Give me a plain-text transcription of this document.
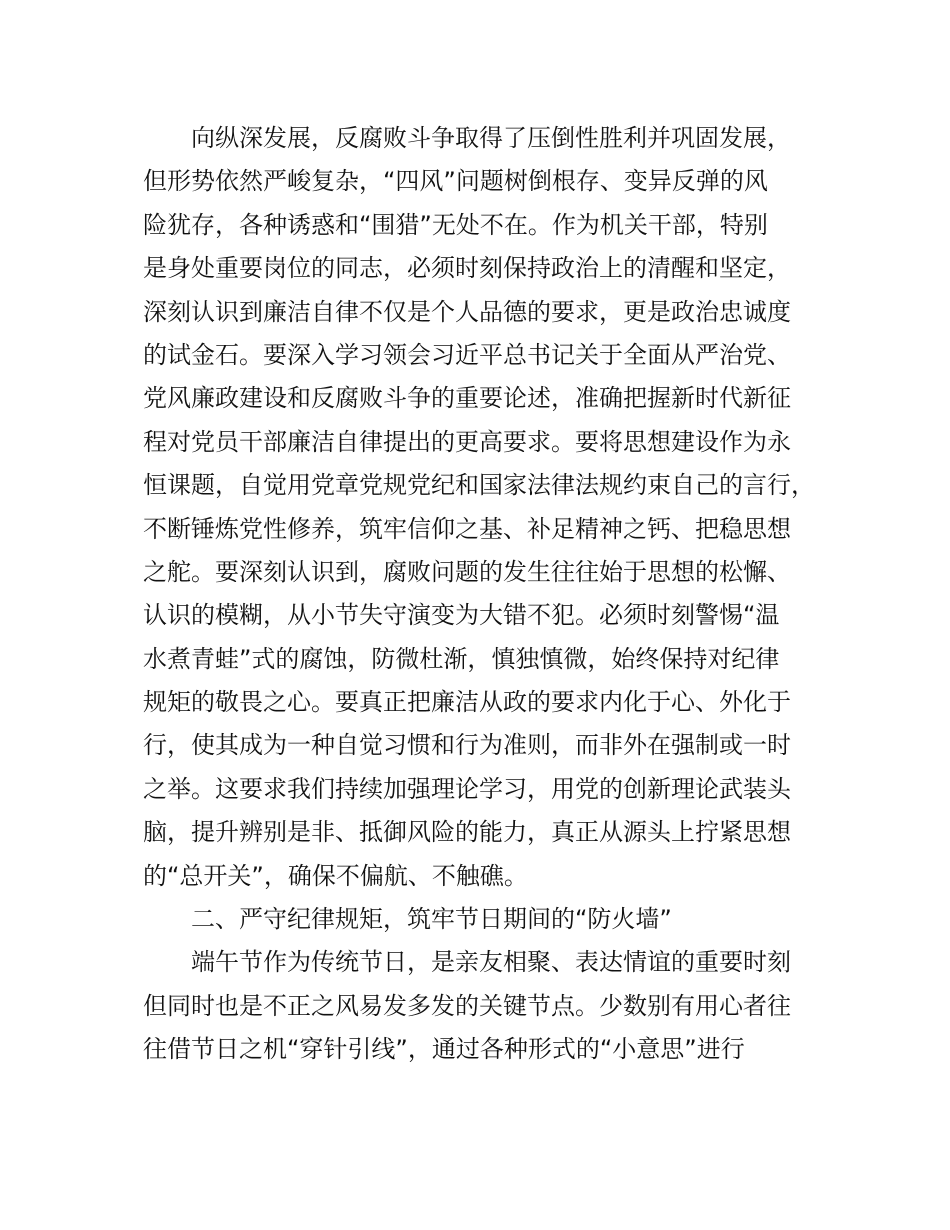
向纵深发展，反腐败斗争取得了压倒性胜利并巩固发展，
但形势依然严峻复杂，“四风”问题树倒根存、变异反弹的风
险犹存，各种诱惑和“围猎”无处不在。作为机关干部，特别
是身处重要岗位的同志，必须时刻保持政治上的清醒和坚定，
深刻认识到廉洁自律不仅是个人品德的要求，更是政治忠诚度
的试金石。要深入学习领会习近平总书记关于全面从严治党、
党风廉政建设和反腐败斗争的重要论述，准确把握新时代新征
程对党员干部廉洁自律提出的更高要求。要将思想建设作为永
恒课题，自觉用党章党规党纪和国家法律法规约束自己的言行，
不断锤炼党性修养，筑牢信仰之基、补足精神之钙、把稳思想
之舵。要深刻认识到，腐败问题的发生往往始于思想的松懈、
认识的模糊，从小节失守演变为大错不犯。必须时刻警惕“温
水煮青蛙”式的腐蚀，防微杜渐，慎独慎微，始终保持对纪律
规矩的敬畏之心。要真正把廉洁从政的要求内化于心、外化于
行，使其成为一种自觉习惯和行为准则，而非外在强制或一时
之举。这要求我们持续加强理论学习，用党的创新理论武装头
脑，提升辨别是非、抵御风险的能力，真正从源头上拧紧思想
的“总开关”，确保不偏航、不触礁。
二、严守纪律规矩，筑牢节日期间的“防火墙”
端午节作为传统节日，是亲友相聚、表达情谊的重要时刻
但同时也是不正之风易发多发的关键节点。少数别有用心者往
往借节日之机“穿针引线”，通过各种形式的“小意思”进行
